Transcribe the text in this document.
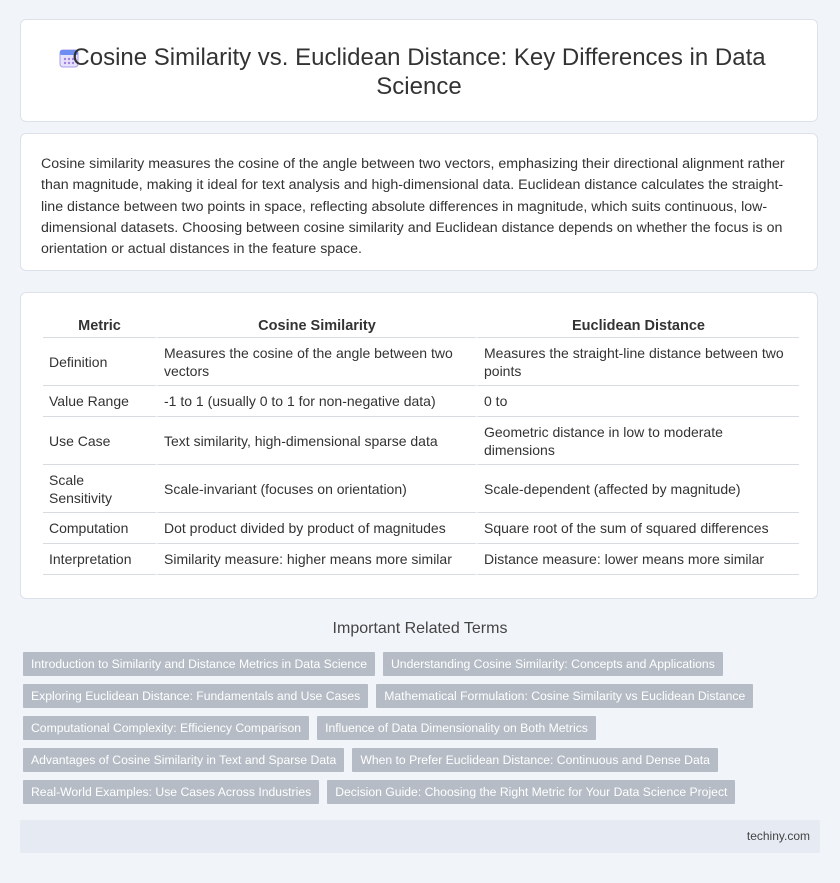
Cosine Similarity vs. Euclidean Distance: Key Differences in Data Science

Cosine similarity measures the cosine of the angle between two vectors, emphasizing their directional alignment rather than magnitude, making it ideal for text analysis and high-dimensional data. Euclidean distance calculates the straight-line distance between two points in space, reflecting absolute differences in magnitude, which suits continuous, low-dimensional datasets. Choosing between cosine similarity and Euclidean distance depends on whether the focus is on orientation or actual distances in the feature space.

Metric	Cosine Similarity	Euclidean Distance
Definition	Measures the cosine of the angle between two vectors	Measures the straight-line distance between two points
Value Range	-1 to 1 (usually 0 to 1 for non-negative data)	0 to
Use Case	Text similarity, high-dimensional sparse data	Geometric distance in low to moderate dimensions
Scale Sensitivity	Scale-invariant (focuses on orientation)	Scale-dependent (affected by magnitude)
Computation	Dot product divided by product of magnitudes	Square root of the sum of squared differences
Interpretation	Similarity measure: higher means more similar	Distance measure: lower means more similar
Important Related Terms
Introduction to Similarity and Distance Metrics in Data Science	Understanding Cosine Similarity: Concepts and Applications
Exploring Euclidean Distance: Fundamentals and Use Cases	Mathematical Formulation: Cosine Similarity vs Euclidean Distance
Computational Complexity: Efficiency Comparison	Influence of Data Dimensionality on Both Metrics
Advantages of Cosine Similarity in Text and Sparse Data	When to Prefer Euclidean Distance: Continuous and Dense Data
Real-World Examples: Use Cases Across Industries	Decision Guide: Choosing the Right Metric for Your Data Science Project
techiny.com
